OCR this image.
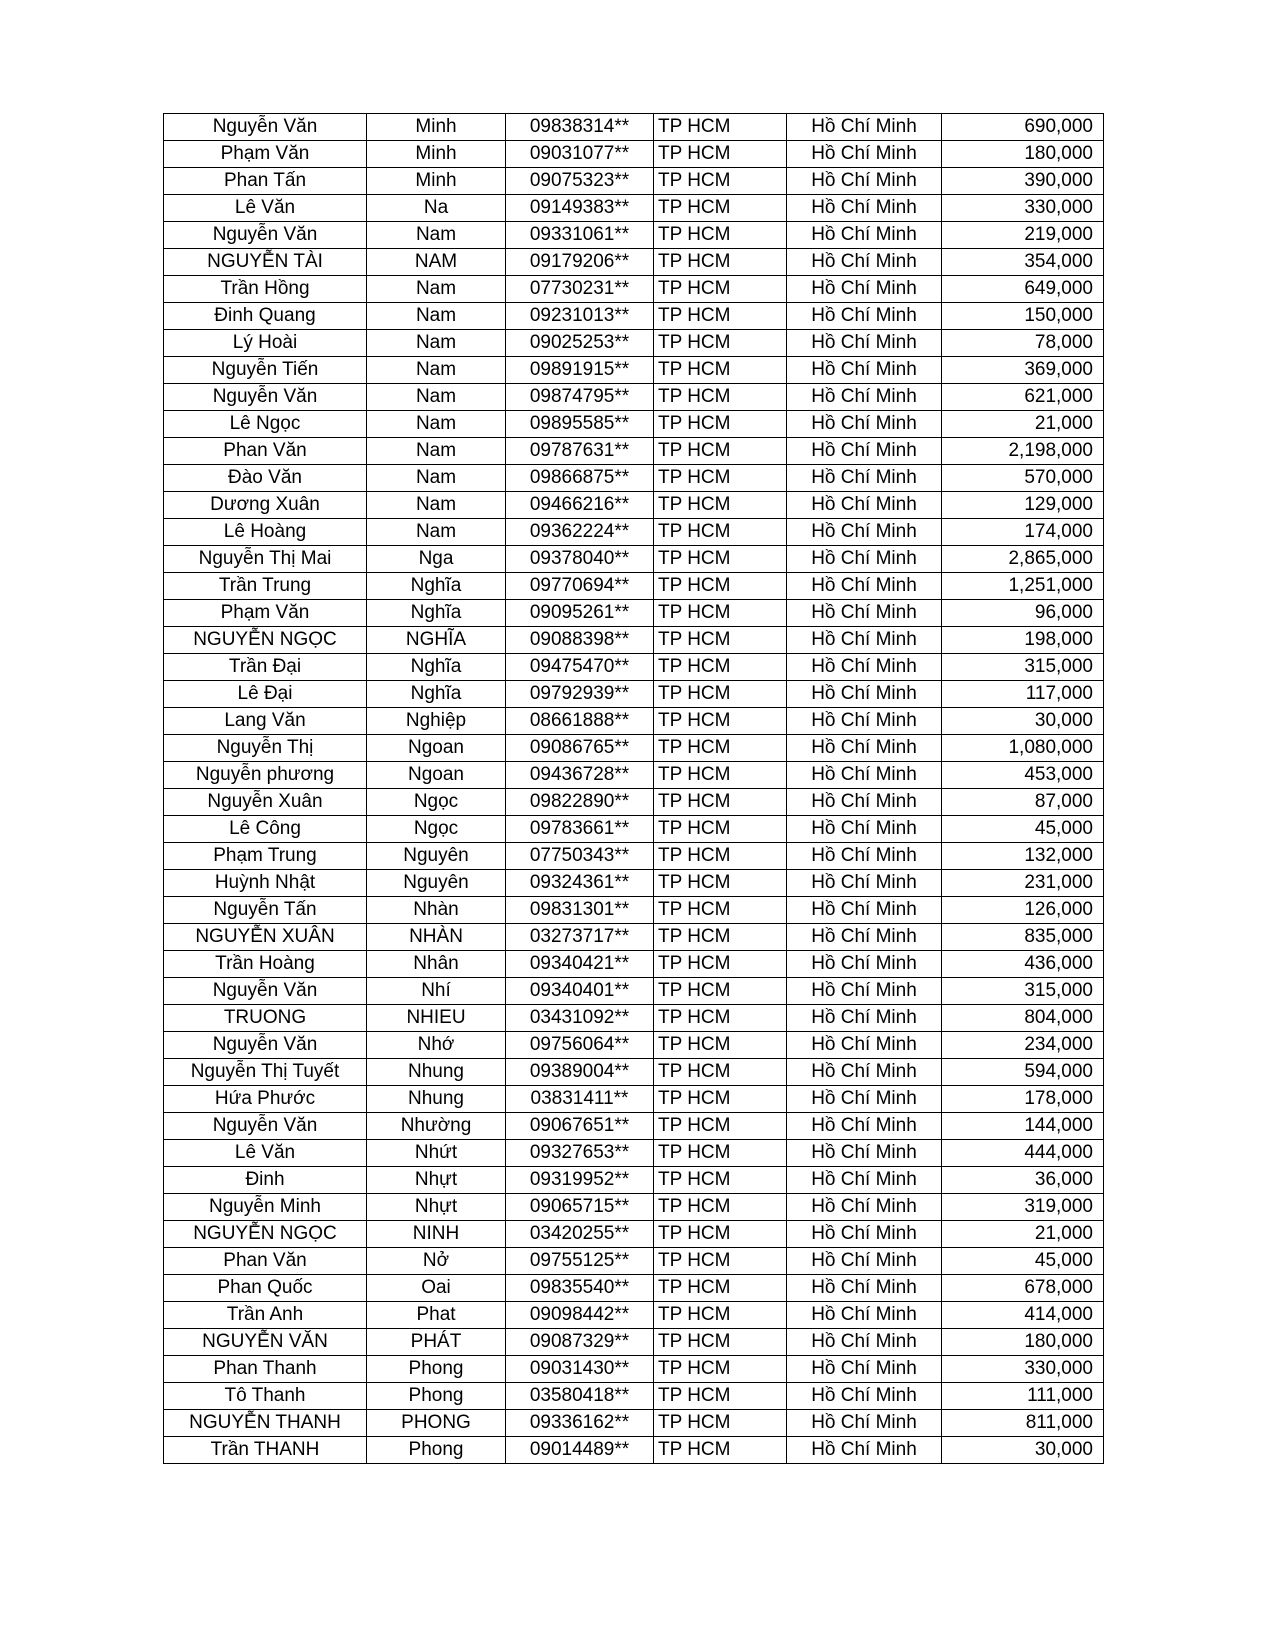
Nguyễn Văn	Minh	09838314**	TP HCM	Hồ Chí Minh	690,000
Phạm Văn	Minh	09031077**	TP HCM	Hồ Chí Minh	180,000
Phan Tấn	Minh	09075323**	TP HCM	Hồ Chí Minh	390,000
Lê Văn	Na	09149383**	TP HCM	Hồ Chí Minh	330,000
Nguyễn Văn	Nam	09331061**	TP HCM	Hồ Chí Minh	219,000
NGUYỄN TÀI	NAM	09179206**	TP HCM	Hồ Chí Minh	354,000
Trần Hồng	Nam	07730231**	TP HCM	Hồ Chí Minh	649,000
Đinh Quang	Nam	09231013**	TP HCM	Hồ Chí Minh	150,000
Lý Hoài	Nam	09025253**	TP HCM	Hồ Chí Minh	78,000
Nguyễn Tiến	Nam	09891915**	TP HCM	Hồ Chí Minh	369,000
Nguyễn Văn	Nam	09874795**	TP HCM	Hồ Chí Minh	621,000
Lê Ngọc	Nam	09895585**	TP HCM	Hồ Chí Minh	21,000
Phan Văn	Nam	09787631**	TP HCM	Hồ Chí Minh	2,198,000
Đào Văn	Nam	09866875**	TP HCM	Hồ Chí Minh	570,000
Dương Xuân	Nam	09466216**	TP HCM	Hồ Chí Minh	129,000
Lê Hoàng	Nam	09362224**	TP HCM	Hồ Chí Minh	174,000
Nguyễn Thị Mai	Nga	09378040**	TP HCM	Hồ Chí Minh	2,865,000
Trần Trung	Nghĩa	09770694**	TP HCM	Hồ Chí Minh	1,251,000
Phạm Văn	Nghĩa	09095261**	TP HCM	Hồ Chí Minh	96,000
NGUYỄN NGỌC	NGHĨA	09088398**	TP HCM	Hồ Chí Minh	198,000
Trần Đại	Nghĩa	09475470**	TP HCM	Hồ Chí Minh	315,000
Lê Đại	Nghĩa	09792939**	TP HCM	Hồ Chí Minh	117,000
Lang Văn	Nghiệp	08661888**	TP HCM	Hồ Chí Minh	30,000
Nguyễn Thị	Ngoan	09086765**	TP HCM	Hồ Chí Minh	1,080,000
Nguyễn phương	Ngoan	09436728**	TP HCM	Hồ Chí Minh	453,000
Nguyễn Xuân	Ngọc	09822890**	TP HCM	Hồ Chí Minh	87,000
Lê Công	Ngọc	09783661**	TP HCM	Hồ Chí Minh	45,000
Phạm Trung	Nguyên	07750343**	TP HCM	Hồ Chí Minh	132,000
Huỳnh Nhật	Nguyên	09324361**	TP HCM	Hồ Chí Minh	231,000
Nguyễn Tấn	Nhàn	09831301**	TP HCM	Hồ Chí Minh	126,000
NGUYỄN XUÂN	NHÀN	03273717**	TP HCM	Hồ Chí Minh	835,000
Trần Hoàng	Nhân	09340421**	TP HCM	Hồ Chí Minh	436,000
Nguyễn Văn	Nhí	09340401**	TP HCM	Hồ Chí Minh	315,000
TRUONG	NHIEU	03431092**	TP HCM	Hồ Chí Minh	804,000
Nguyễn Văn	Nhớ	09756064**	TP HCM	Hồ Chí Minh	234,000
Nguyễn Thị Tuyết	Nhung	09389004**	TP HCM	Hồ Chí Minh	594,000
Hứa Phước	Nhung	03831411**	TP HCM	Hồ Chí Minh	178,000
Nguyễn Văn	Nhường	09067651**	TP HCM	Hồ Chí Minh	144,000
Lê Văn	Nhứt	09327653**	TP HCM	Hồ Chí Minh	444,000
Đinh	Nhựt	09319952**	TP HCM	Hồ Chí Minh	36,000
Nguyễn Minh	Nhựt	09065715**	TP HCM	Hồ Chí Minh	319,000
NGUYỄN NGỌC	NINH	03420255**	TP HCM	Hồ Chí Minh	21,000
Phan Văn	Nở	09755125**	TP HCM	Hồ Chí Minh	45,000
Phan Quốc	Oai	09835540**	TP HCM	Hồ Chí Minh	678,000
Trần Anh	Phat	09098442**	TP HCM	Hồ Chí Minh	414,000
NGUYỄN VĂN	PHÁT	09087329**	TP HCM	Hồ Chí Minh	180,000
Phan Thanh	Phong	09031430**	TP HCM	Hồ Chí Minh	330,000
Tô Thanh	Phong	03580418**	TP HCM	Hồ Chí Minh	111,000
NGUYỄN THANH	PHONG	09336162**	TP HCM	Hồ Chí Minh	811,000
Trần THANH	Phong	09014489**	TP HCM	Hồ Chí Minh	30,000
